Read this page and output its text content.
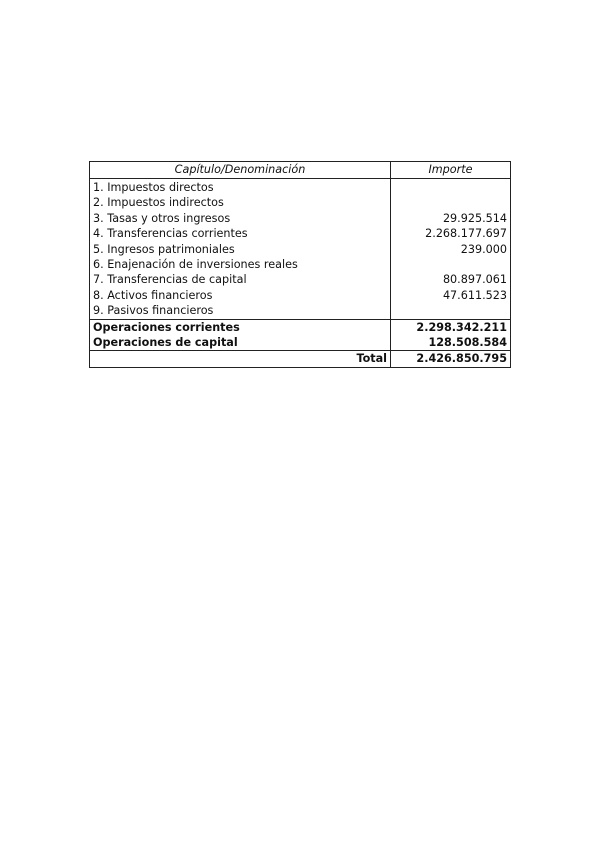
Capítulo/Denominación	Importe
1. Impuestos directos	
2. Impuestos indirectos	
3. Tasas y otros ingresos	29.925.514
4. Transferencias corrientes	2.268.177.697
5. Ingresos patrimoniales	239.000
6. Enajenación de inversiones reales	
7. Transferencias de capital	80.897.061
8. Activos financieros	47.611.523
9. Pasivos financieros	
Operaciones corrientes	2.298.342.211
Operaciones de capital	128.508.584
Total	2.426.850.795
